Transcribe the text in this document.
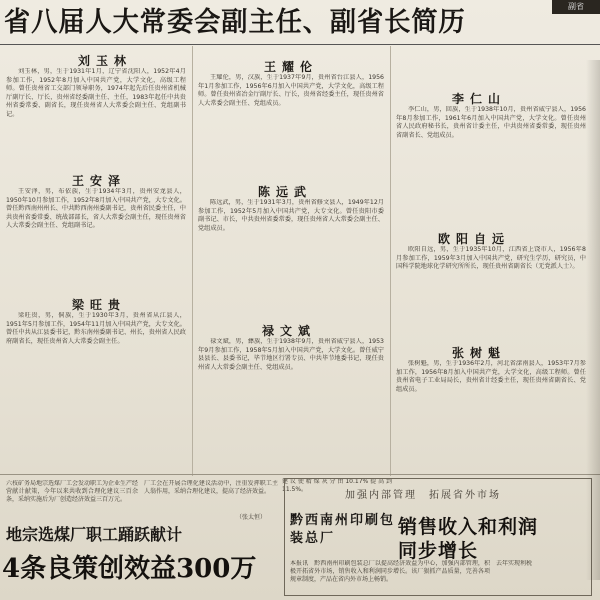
省八届人大常委会副主任、副省长简历
副省
刘玉林
刘玉林，男，生于1931年1月，辽宁省沈阳人，1952年4月参加工作，1952年8月加入中国共产党，大学文化，高级工程师。曾任贵州省工交部门领导职务，1974年起先后任贵州省机械厅副厅长、厅长，贵州省经委副主任、主任，1983年起任中共贵州省委常委、副省长，现任贵州省人大常委会副主任、党组副书记。
王安泽
王安泽，男，布依族，生于1934年3月，贵州安龙县人，1950年10月参加工作，1952年8月加入中国共产党，大专文化。曾任黔西南州州长、中共黔西南州委副书记，贵州省民委主任，中共贵州省委常委、统战部部长，省人大常委会副主任，现任贵州省人大常委会副主任、党组副书记。
梁旺贵
梁旺贵，男，侗族，生于1930年3月，贵州省从江县人，1951年5月参加工作，1954年11月加入中国共产党，大专文化。曾任中共从江县委书记，黔东南州委副书记、州长，贵州省人民政府副省长，现任贵州省人大常委会副主任。
王耀伦
王耀伦，男，汉族，生于1937年9月，贵州省台江县人，1956年1月参加工作，1956年6月加入中国共产党，大学文化，高级工程师。曾任贵州省冶金厅副厅长、厅长，贵州省经委主任，现任贵州省人大常委会副主任、党组成员。
陈远武
陈远武，男，生于1931年3月，贵州省修文县人，1949年12月参加工作，1952年5月加入中国共产党，大专文化。曾任贵阳市委副书记、市长，中共贵州省委常委，现任贵州省人大常委会副主任、党组成员。
禄文斌
禄文斌，男，彝族，生于1938年9月，贵州省威宁县人，1953年9月参加工作，1958年5月加入中国共产党，大学文化。曾任威宁县县长、县委书记，毕节地区行署专员、中共毕节地委书记，现任贵州省人大常委会副主任、党组成员。
李仁山
李仁山，男，回族，生于1938年10月，贵州省威宁县人，1956年8月参加工作，1961年6月加入中国共产党，大学文化。曾任贵州省人民政府秘书长，贵州省计委主任，中共贵州省委常委，现任贵州省副省长、党组成员。
欧阳自远
欧阳自远，男，生于1935年10月，江西省上饶市人，1956年8月参加工作，1959年3月加入中国共产党，研究生学历，研究员，中国科学院地球化学研究所所长，现任贵州省副省长（无党派人士）。
张树魁
张树魁，男，生于1936年2月，河北省滦南县人，1953年7月参加工作，1956年8月加入中国共产党，大学文化，高级工程师。曾任贵州省电子工业局局长，贵州省计经委主任，现任贵州省副省长、党组成员。
六枝矿务局地宗选煤厂工会发动职工为企业生产经营献计献策，今年以来共收到合理化建议三百余条，采纳实施后为厂创造经济效益三百万元。
厂工会在开展合理化建议活动中，注重发挥职工主人翁作用，采纳合理化建议，提高了经济效益。
（张太恒）
地宗选煤厂职工踊跃献计
4条良策创效益300万
建议使精煤灰分由10.17%提高到11.5%。
加强内部管理　拓展省外市场
黔西南州印刷包装总厂
销售收入和利润
同步增长
本报讯　黔西南州印刷包装总厂以提高经济效益为中心，加强内部管理，积极开拓省外市场，销售收入和利润同步增长。该厂狠抓产品质量，完善各项规章制度，产品在省内外市场上畅销。
去年实现利税
